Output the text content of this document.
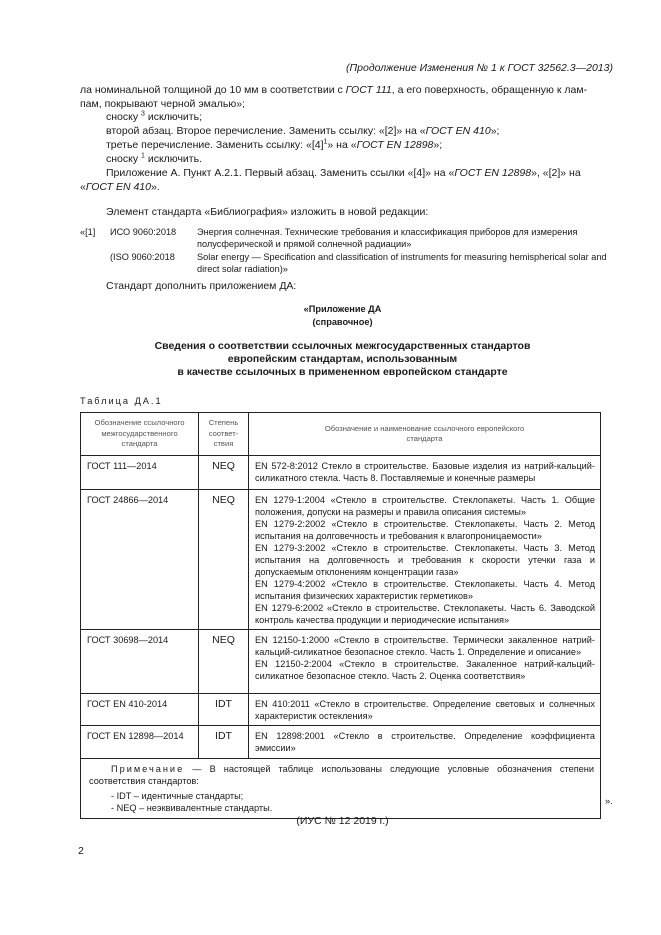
(Продолжение Изменения № 1 к ГОСТ 32562.3—2013)
ла номинальной толщиной до 10 мм в соответствии с ГОСТ 111, а его поверхность, обращенную к лам-
пам, покрывают черной эмалью»;
сноску $^3$ исключить;
второй абзац. Второе перечисление. Заменить ссылку: «[2]» на «ГОСТ EN 410»;
третье перечисление. Заменить ссылку: «$[4]^1$» на «ГОСТ EN 12898»;
сноску $^1$ исключить.
Приложение А. Пункт А.2.1. Первый абзац. Заменить ссылки «[4]» на «ГОСТ EN 12898», «[2]» на
«ГОСТ EN 410».
Элемент стандарта «Библиография» изложить в новой редакции:
«[1] ИСО 9060:2018 Энергия солнечная. Технические требования и классификация приборов для измерения полусферической и прямой солнечной радиации»
(ISO 9060:2018 Solar energy — Specification and classification of instruments for measuring hemispherical solar and direct solar radiation)»
Стандарт дополнить приложением ДА:
«Приложение ДА
(справочное)
Сведения о соответствии ссылочных межгосударственных стандартов
европейским стандартам, использованным
в качестве ссылочных в примененном европейском стандарте
Таблица ДА.1
Обозначение ссылочного межгосударственного стандарта	Степень соответ-ствия	Обозначение и наименование ссылочного европейского стандарта

ГОСТ 111—2014	NEQ	EN 572-8:2012 Стекло в строительстве. Базовые изделия из натрий-кальций-силикатного стекла. Часть 8. Поставляемые и конечные размеры

ГОСТ 24866—2014	NEQ	EN 1279-1:2004 «Стекло в строительстве. Стеклопакеты. Часть 1. Общие положения, допуски на размеры и правила описания системы»
EN 1279-2:2002 «Стекло в строительстве. Стеклопакеты. Часть 2. Метод испытания на долговечность и требования к влагопроницаемости»
EN 1279-3:2002 «Стекло в строительстве. Стеклопакеты. Часть 3. Метод испытания на долговечность и требования к скорости утечки газа и допускаемым отклонениям концентрации газа»
EN 1279-4:2002 «Стекло в строительстве. Стеклопакеты. Часть 4. Метод испытания физических характеристик герметиков»
EN 1279-6:2002 «Стекло в строительстве. Стеклопакеты. Часть 6. Заводской контроль качества продукции и периодические испытания»

ГОСТ 30698—2014	NEQ	EN 12150-1:2000 «Стекло в строительстве. Термически закаленное натрий-кальций-силикатное безопасное стекло. Часть 1. Определение и описание»
EN 12150-2:2004 «Стекло в строительстве. Закаленное натрий-кальций-силикатное безопасное стекло. Часть 2. Оценка соответствия»

ГОСТ EN 410-2014	IDT	EN 410:2011 «Стекло в строительстве. Определение световых и солнечных характеристик остекления»

ГОСТ EN 12898—2014	IDT	EN 12898:2001 «Стекло в строительстве. Определение коэффициента эмиссии»

Примечание — В настоящей таблице использованы следующие условные обозначения степени соответствия стандартов:
- IDT – идентичные стандарты;
- NEQ – неэквивалентные стандарты.		
».
(ИУС № 12 2019 г.)
2
